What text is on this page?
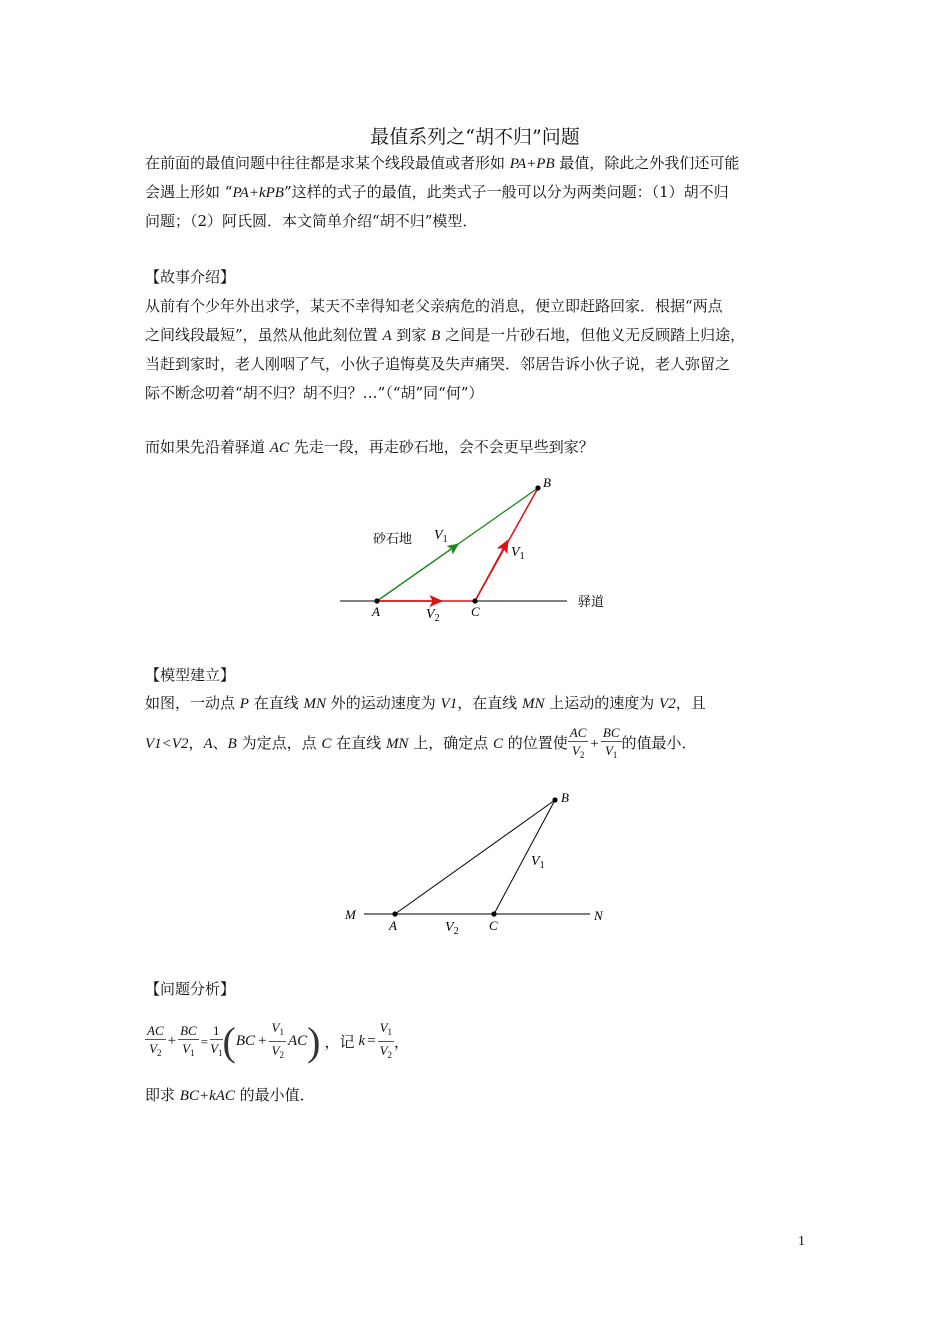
最值系列之“胡不归”问题
在前面的最值问题中往往都是求某个线段最值或者形如 PA+PB 最值，除此之外我们还可能
会遇上形如 “PA+kPB”这样的式子的最值，此类式子一般可以分为两类问题：（1）胡不归
问题；（2）阿氏圆．本文简单介绍“胡不归”模型．
【故事介绍】
从前有个少年外出求学，某天不幸得知老父亲病危的消息，便立即赶路回家．根据“两点
之间线段最短”，虽然从他此刻位置 A 到家 B 之间是一片砂石地，但他义无反顾踏上归途，
当赶到家时，老人刚咽了气，小伙子追悔莫及失声痛哭．邻居告诉小伙子说，老人弥留之
际不断念叨着“胡不归？胡不归？…”（“胡”同“何”）
而如果先沿着驿道 AC 先走一段，再走砂石地，会不会更早些到家？
B
A	C
砂石地
驿道
$V_1$
$V_1$
$V_2$
【模型建立】
如图，一动点 P 在直线 MN 外的运动速度为 V1，在直线 MN 上运动的速度为 V2，且
V1<V2，A、B 为定点，点 C 在直线 MN 上，确定点 C 的位置使 $\frac{AC}{V_2} + \frac{BC}{V_1}$ 的值最小．
B
A	C
M	N
$V_1$
$V_2$
【问题分析】
$\frac{AC}{V_2} + \frac{BC}{V_1} = \frac{1}{V_1} (BC + \frac{V_1}{V_2} AC)$ ，记 $k = \frac{V_1}{V_2}$ ，
即求 BC+kAC 的最小值．
1
